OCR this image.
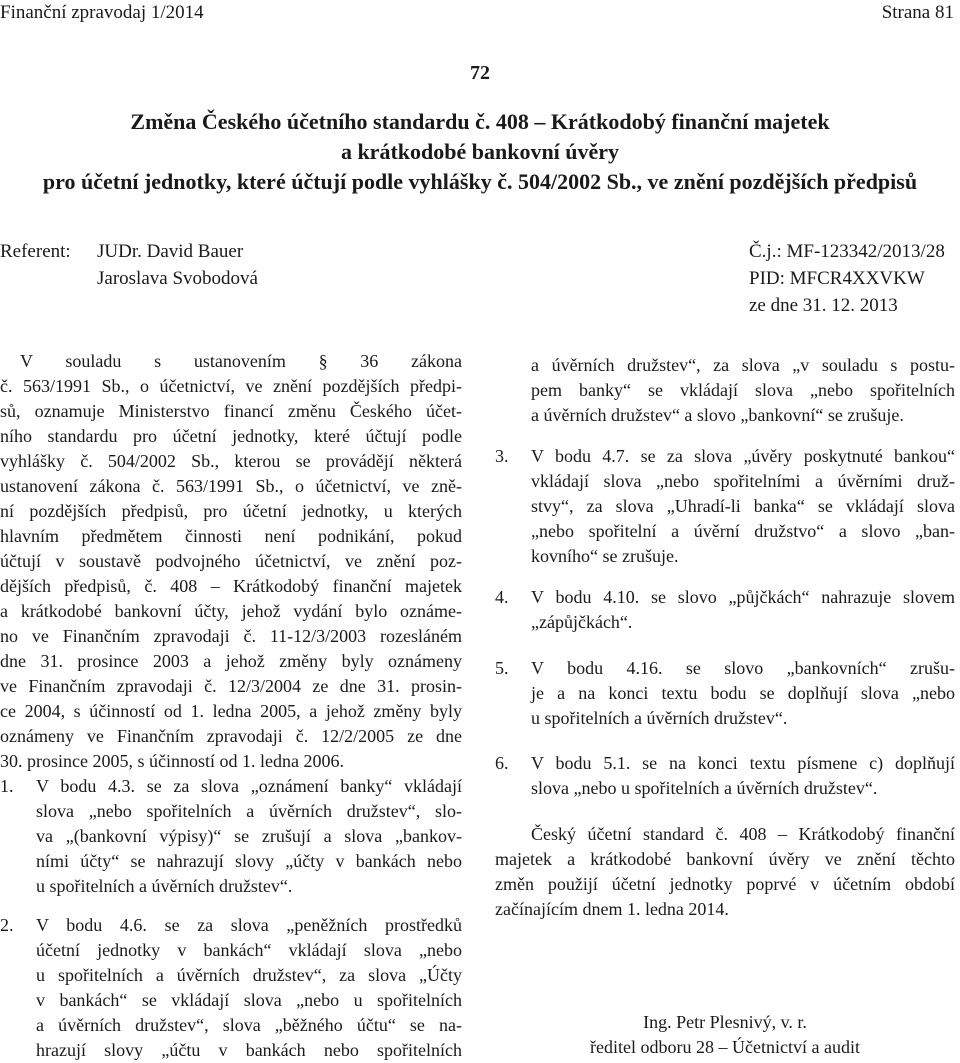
Finanční zpravodaj 1/2014	Strana 81
72
Změna Českého účetního standardu č. 408 – Krátkodobý finanční majetek
a krátkodobé bankovní úvěry
pro účetní jednotky, které účtují podle vyhlášky č. 504/2002 Sb., ve znění pozdějších předpisů
Referent: JUDr. David Bauer
Jaroslava Svobodová
Č.j.: MF-123342/2013/28
PID: MFCR4XXVKW
ze dne 31. 12. 2013
V souladu s ustanovením § 36 zákona
č. 563/1991 Sb., o účetnictví, ve znění pozdějších předpi-
sů, oznamuje Ministerstvo financí změnu Českého účet-
ního standardu pro účetní jednotky, které účtují podle
vyhlášky č. 504/2002 Sb., kterou se provádějí některá
ustanovení zákona č. 563/1991 Sb., o účetnictví, ve zně-
ní pozdějších předpisů, pro účetní jednotky, u kterých
hlavním předmětem činnosti není podnikání, pokud
účtují v soustavě podvojného účetnictví, ve znění poz-
dějších předpisů, č. 408 – Krátkodobý finanční majetek
a krátkodobé bankovní účty, jehož vydání bylo oznáme-
no ve Finančním zpravodaji č. 11-12/3/2003 rozesláném
dne 31. prosince 2003 a jehož změny byly oznámeny
ve Finančním zpravodaji č. 12/3/2004 ze dne 31. prosin-
ce 2004, s účinností od 1. ledna 2005, a jehož změny byly
oznámeny ve Finančním zpravodaji č. 12/2/2005 ze dne
30. prosince 2005, s účinností od 1. ledna 2006.
1. V bodu 4.3. se za slova „oznámení banky“ vkládají
slova „nebo spořitelních a úvěrních družstev“, slo-
va „(bankovní výpisy)“ se zrušují a slova „bankov-
ními účty“ se nahrazují slovy „účty v bankách nebo
u spořitelních a úvěrních družstev“.
2. V bodu 4.6. se za slova „peněžních prostředků
účetní jednotky v bankách“ vkládají slova „nebo
u spořitelních a úvěrních družstev“, za slova „Účty
v bankách“ se vkládají slova „nebo u spořitelních
a úvěrních družstev“, slova „běžného účtu“ se na-
hrazují slovy „účtu v bankách nebo spořitelních
a úvěrních družstev“, za slova „v souladu s postu-
pem banky“ se vkládají slova „nebo spořitelních
a úvěrních družstev“ a slovo „bankovní“ se zrušuje.
3. V bodu 4.7. se za slova „úvěry poskytnuté bankou“
vkládají slova „nebo spořitelními a úvěrními druž-
stvy“, za slova „Uhradí-li banka“ se vkládají slova
„nebo spořitelní a úvěrní družstvo“ a slovo „ban-
kovního“ se zrušuje.
4. V bodu 4.10. se slovo „půjčkách“ nahrazuje slovem
„zápůjčkách“.
5. V bodu 4.16. se slovo „bankovních“ zrušu-
je a na konci textu bodu se doplňují slova „nebo
u spořitelních a úvěrních družstev“.
6. V bodu 5.1. se na konci textu písmene c) doplňují
slova „nebo u spořitelních a úvěrních družstev“.
Český účetní standard č. 408 – Krátkodobý finanční
majetek a krátkodobé bankovní úvěry ve znění těchto
změn použijí účetní jednotky poprvé v účetním období
začínajícím dnem 1. ledna 2014.
Ing. Petr Plesnivý, v. r.
ředitel odboru 28 – Účetnictví a audit
